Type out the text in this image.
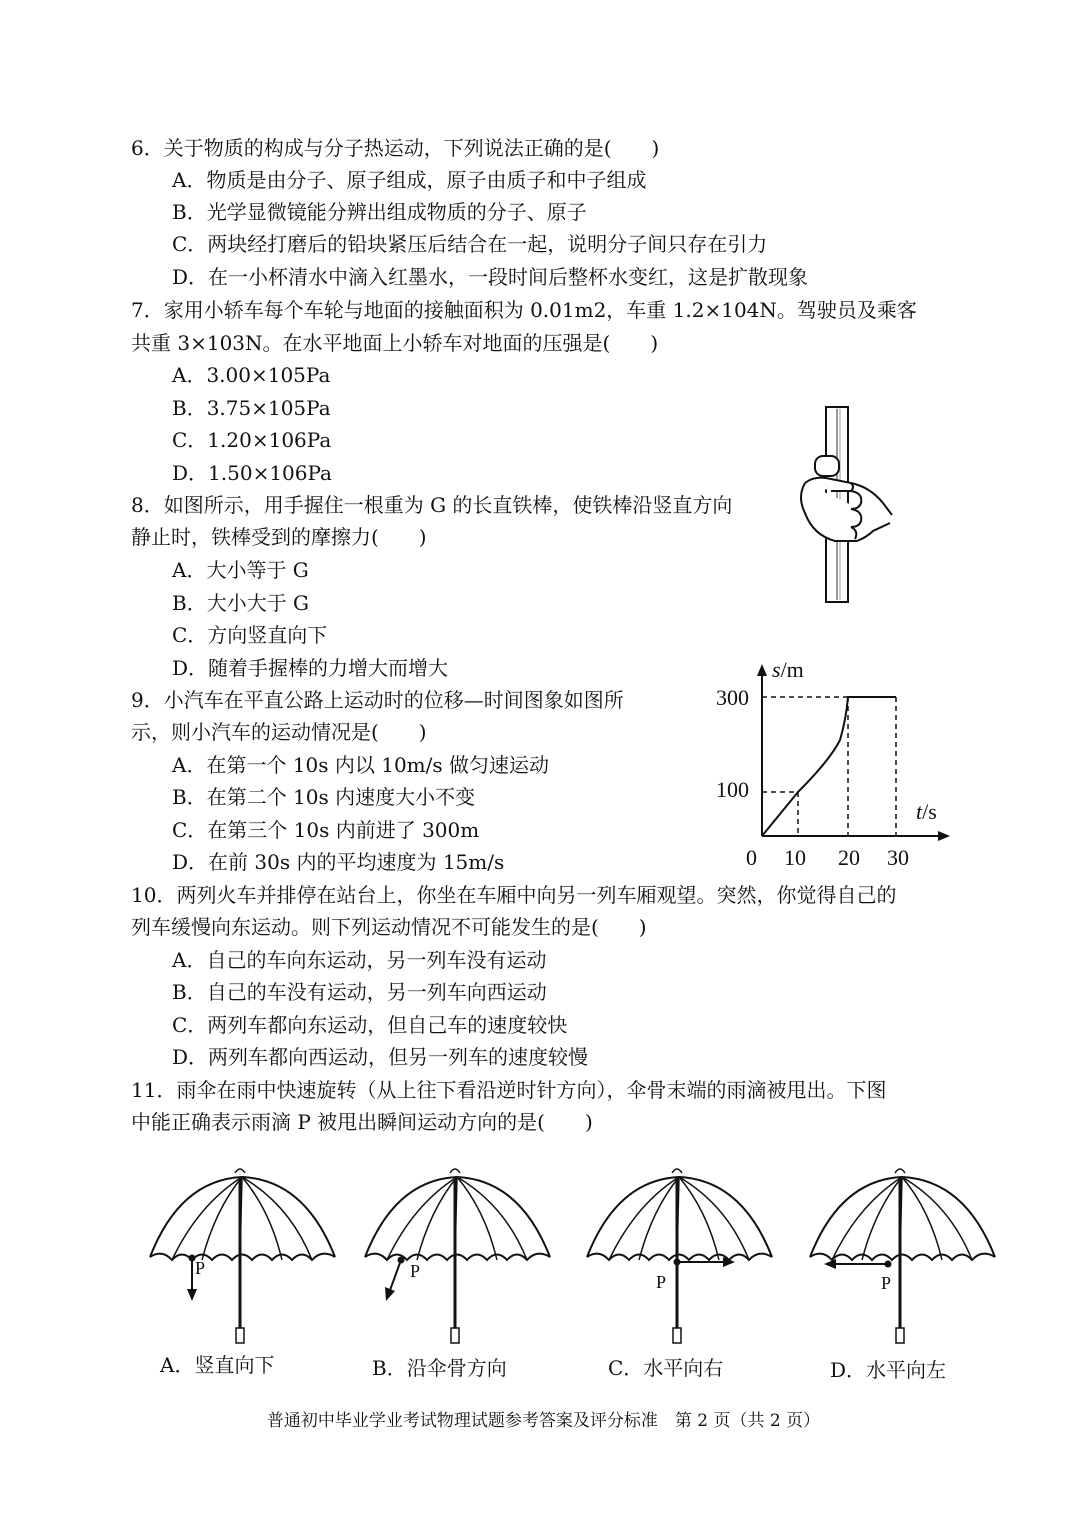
6．关于物质的构成与分子热运动，下列说法正确的是(　　)
A．物质是由分子、原子组成，原子由质子和中子组成
B．光学显微镜能分辨出组成物质的分子、原子
C．两块经打磨后的铅块紧压后结合在一起，说明分子间只存在引力
D．在一小杯清水中滴入红墨水，一段时间后整杯水变红，这是扩散现象
7．家用小轿车每个车轮与地面的接触面积为 0.01m2，车重 1.2×104N。驾驶员及乘客
共重 3×103N。在水平地面上小轿车对地面的压强是(　　)
A．3.00×105Pa
B．3.75×105Pa
C．1.20×106Pa
D．1.50×106Pa
8．如图所示，用手握住一根重为 G 的长直铁棒，使铁棒沿竖直方向
静止时，铁棒受到的摩擦力(　　)
A．大小等于 G
B．大小大于 G
C．方向竖直向下
D．随着手握棒的力增大而增大
9．小汽车在平直公路上运动时的位移—时间图象如图所
示，则小汽车的运动情况是(　　)
A．在第一个 10s 内以 10m/s 做匀速运动
B．在第二个 10s 内速度大小不变
C．在第三个 10s 内前进了 300m
D．在前 30s 内的平均速度为 15m/s
s/m
300
100
t/s
0 10 20 30
10．两列火车并排停在站台上，你坐在车厢中向另一列车厢观望。突然，你觉得自己的
列车缓慢向东运动。则下列运动情况不可能发生的是(　　)
A．自己的车向东运动，另一列车没有运动
B．自己的车没有运动，另一列车向西运动
C．两列车都向东运动，但自己车的速度较快
D．两列车都向西运动，但另一列车的速度较慢
11．雨伞在雨中快速旋转（从上往下看沿逆时针方向），伞骨末端的雨滴被甩出。下图
中能正确表示雨滴 P 被甩出瞬间运动方向的是(　　)
P	P
P	P
A．竖直向下	B．沿伞骨方向	C．水平向右	D．水平向左
普通初中毕业学业考试物理试题参考答案及评分标准　第 2 页（共 2 页）
